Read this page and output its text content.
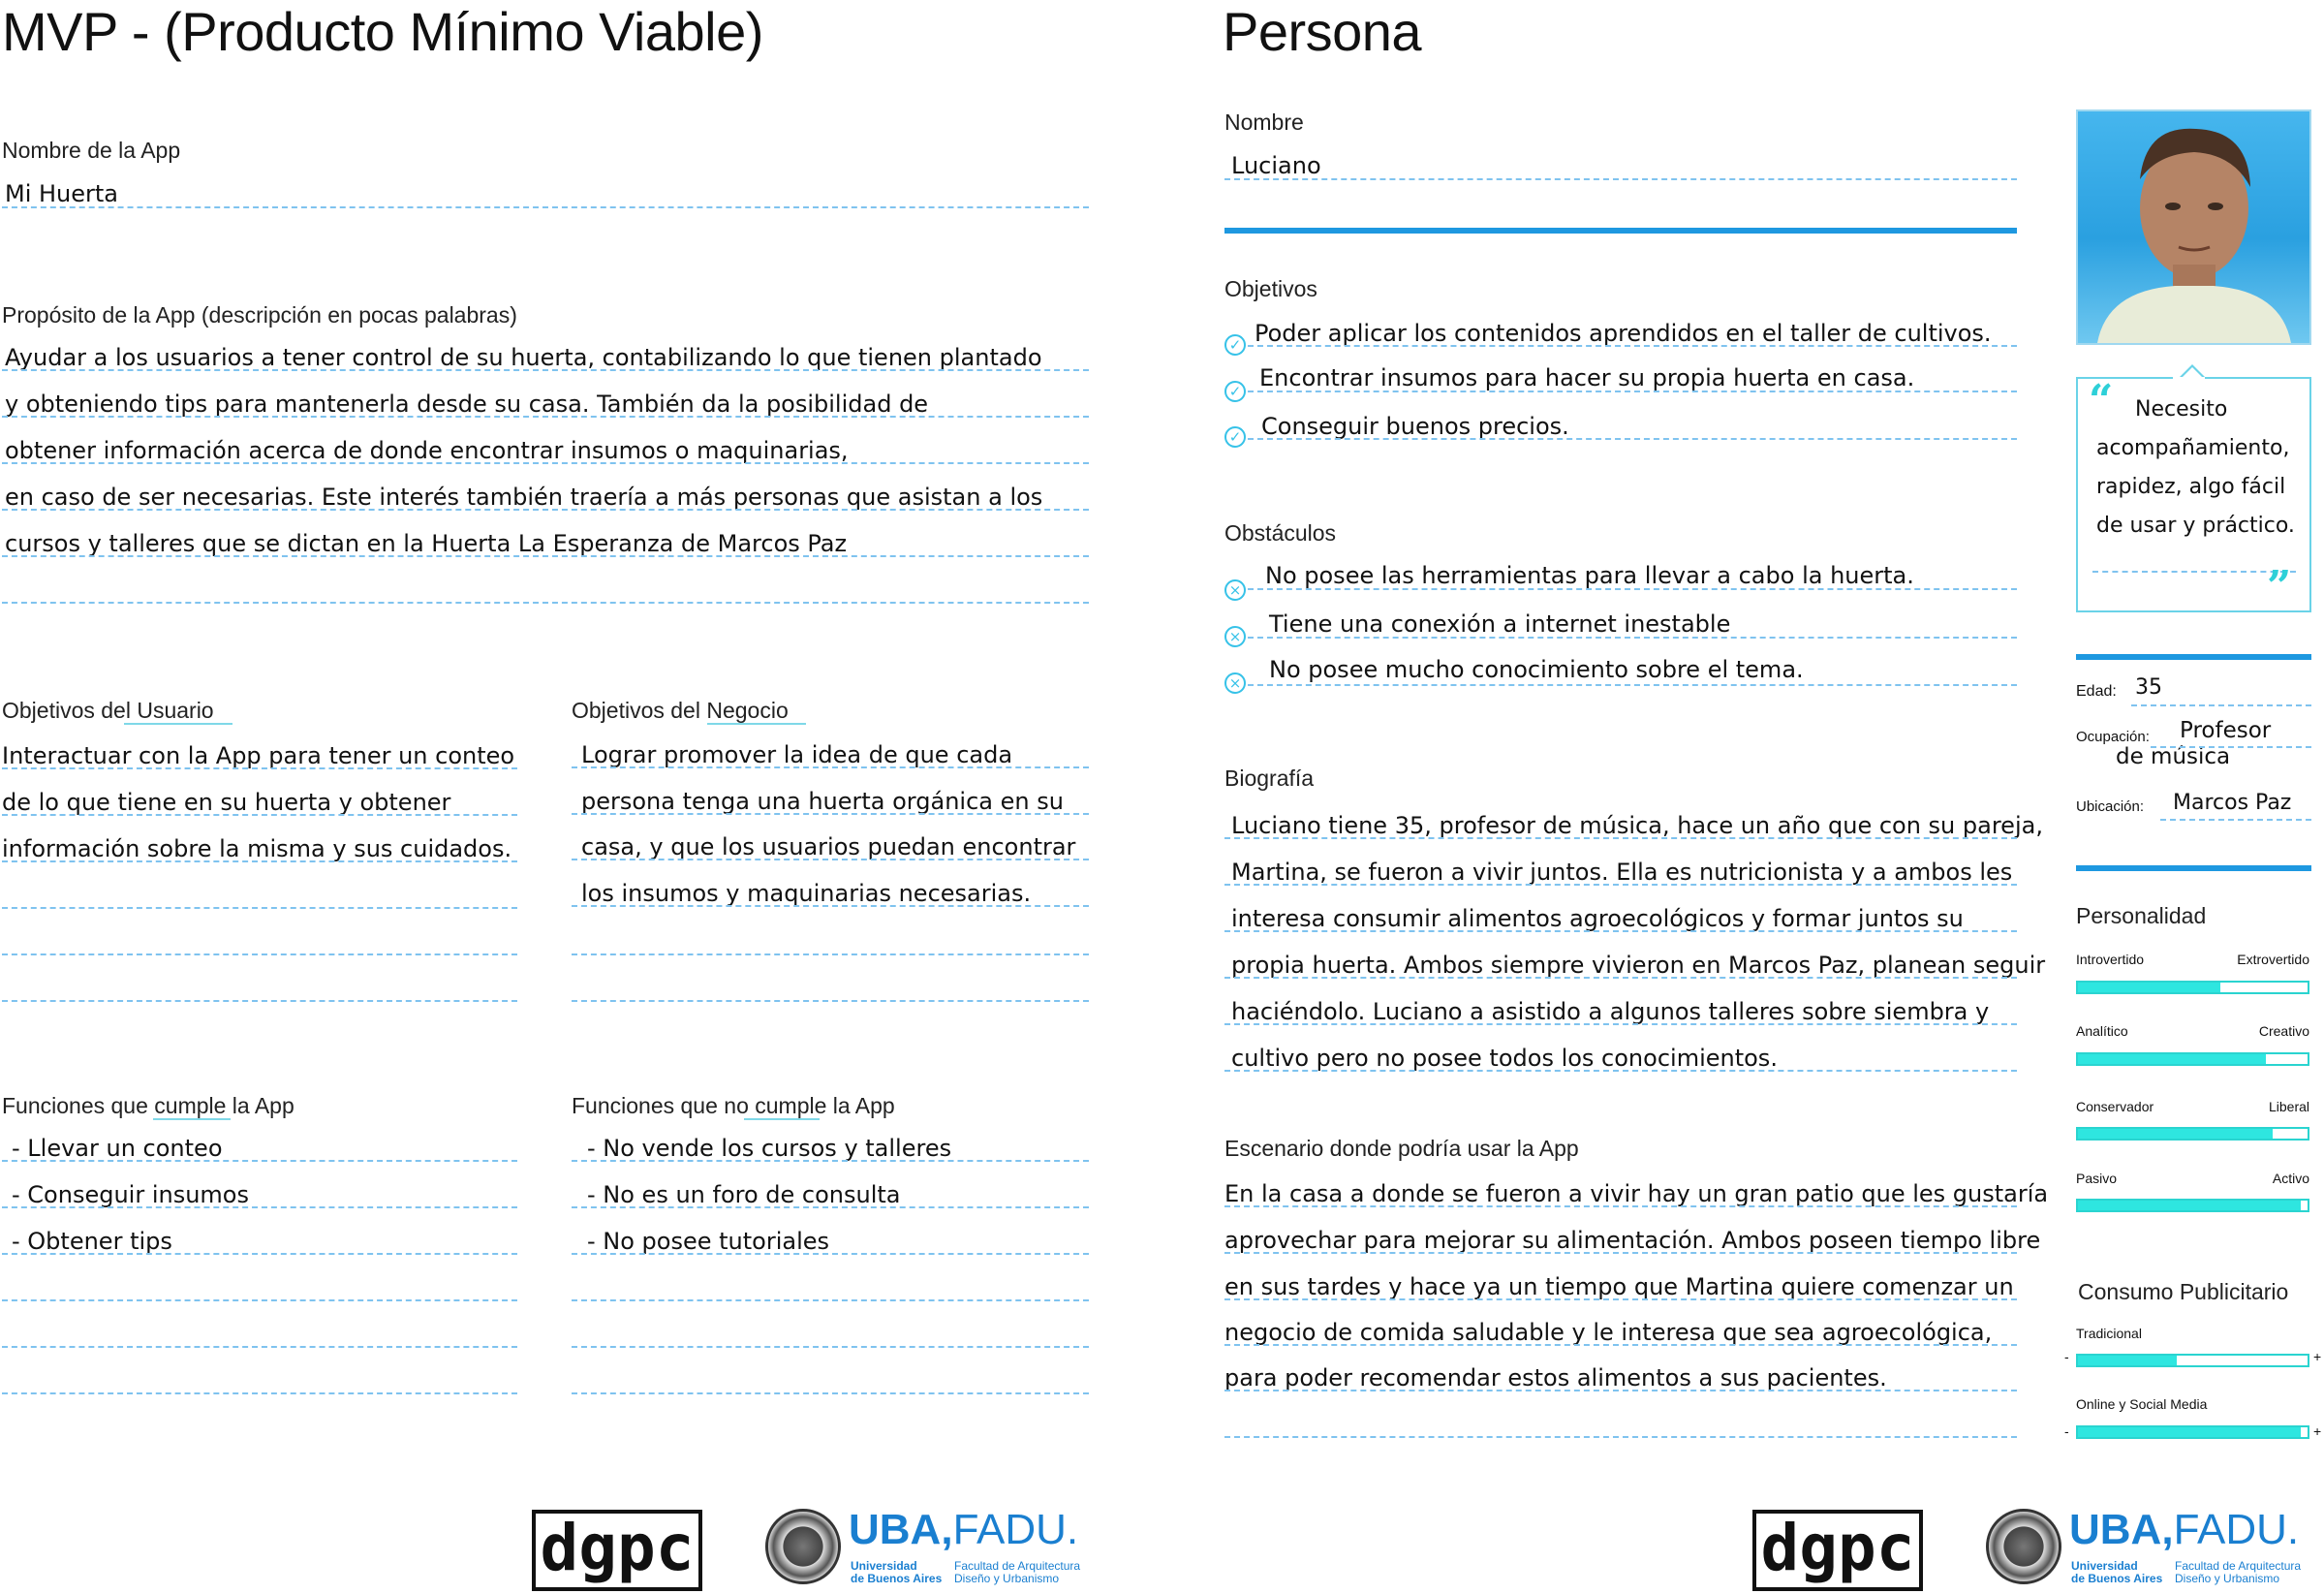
MVP - (Producto Mínimo Viable)
Nombre de la App
Mi Huerta
Propósito de la App (descripción en pocas palabras)
Ayudar a los usuarios a tener control de su huerta, contabilizando lo que tienen plantado
y obteniendo tips para mantenerla desde su casa. También da la posibilidad de
obtener información acerca de donde encontrar insumos o maquinarias,
en caso de ser necesarias. Este interés también traería a más personas que asistan a los
cursos y talleres que se dictan en la Huerta La Esperanza de Marcos Paz
Objetivos del Usuario
Interactuar con la App para tener un conteo
de lo que tiene en su huerta y obtener
información sobre la misma y sus cuidados.
Objetivos del Negocio
Lograr promover la idea de que cada
persona tenga una huerta orgánica en su
casa, y que los usuarios puedan encontrar
los insumos y maquinarias necesarias.
Funciones que cumple la App
- Llevar un conteo
- Conseguir insumos
- Obtener tips
Funciones que no cumple la App
- No vende los cursos y talleres
- No es un foro de consulta
- No posee tutoriales
dgpc	UBA,FADU.
Universidad
de Buenos Aires
Facultad de Arquitectura
Diseño y Urbanismo
Persona
Nombre
Luciano
Objetivos
✓ Poder aplicar los contenidos aprendidos en el taller de cultivos.
✓ Encontrar insumos para hacer su propia huerta en casa.
✓ Conseguir buenos precios.
Obstáculos
×
No posee las herramientas para llevar a cabo la huerta.
× Tiene una conexión a internet inestable
× No posee mucho conocimiento sobre el tema.
Biografía
Luciano tiene 35, profesor de música, hace un año que con su pareja,
Martina, se fueron a vivir juntos. Ella es nutricionista y a ambos les
interesa consumir alimentos agroecológicos y formar juntos su
propia huerta. Ambos siempre vivieron en Marcos Paz, planean seguir
haciéndolo. Luciano a asistido a algunos talleres sobre siembra y
cultivo pero no posee todos los conocimientos.
Escenario donde podría usar la App
En la casa a donde se fueron a vivir hay un gran patio que les gustaría
aprovechar para mejorar su alimentación. Ambos poseen tiempo libre
en sus tardes y hace ya un tiempo que Martina quiere comenzar un
negocio de comida saludable y le interesa que sea agroecológica,
para poder recomendar estos alimentos a sus pacientes.
“ Necesito
acompañamiento,
rapidez, algo fácil
de usar y práctico.
”
Edad: 35
Ocupación: Profesor
de música
Ubicación: Marcos Paz
Personalidad
Introvertido	Extrovertido
Analítico	Creativo
Conservador	Liberal
Pasivo	Activo
Consumo Publicitario
Tradicional
-	+
Online y Social Media
-	+
dgpc	UBA,FADU.
Universidad
de Buenos Aires
Facultad de Arquitectura
Diseño y Urbanismo
